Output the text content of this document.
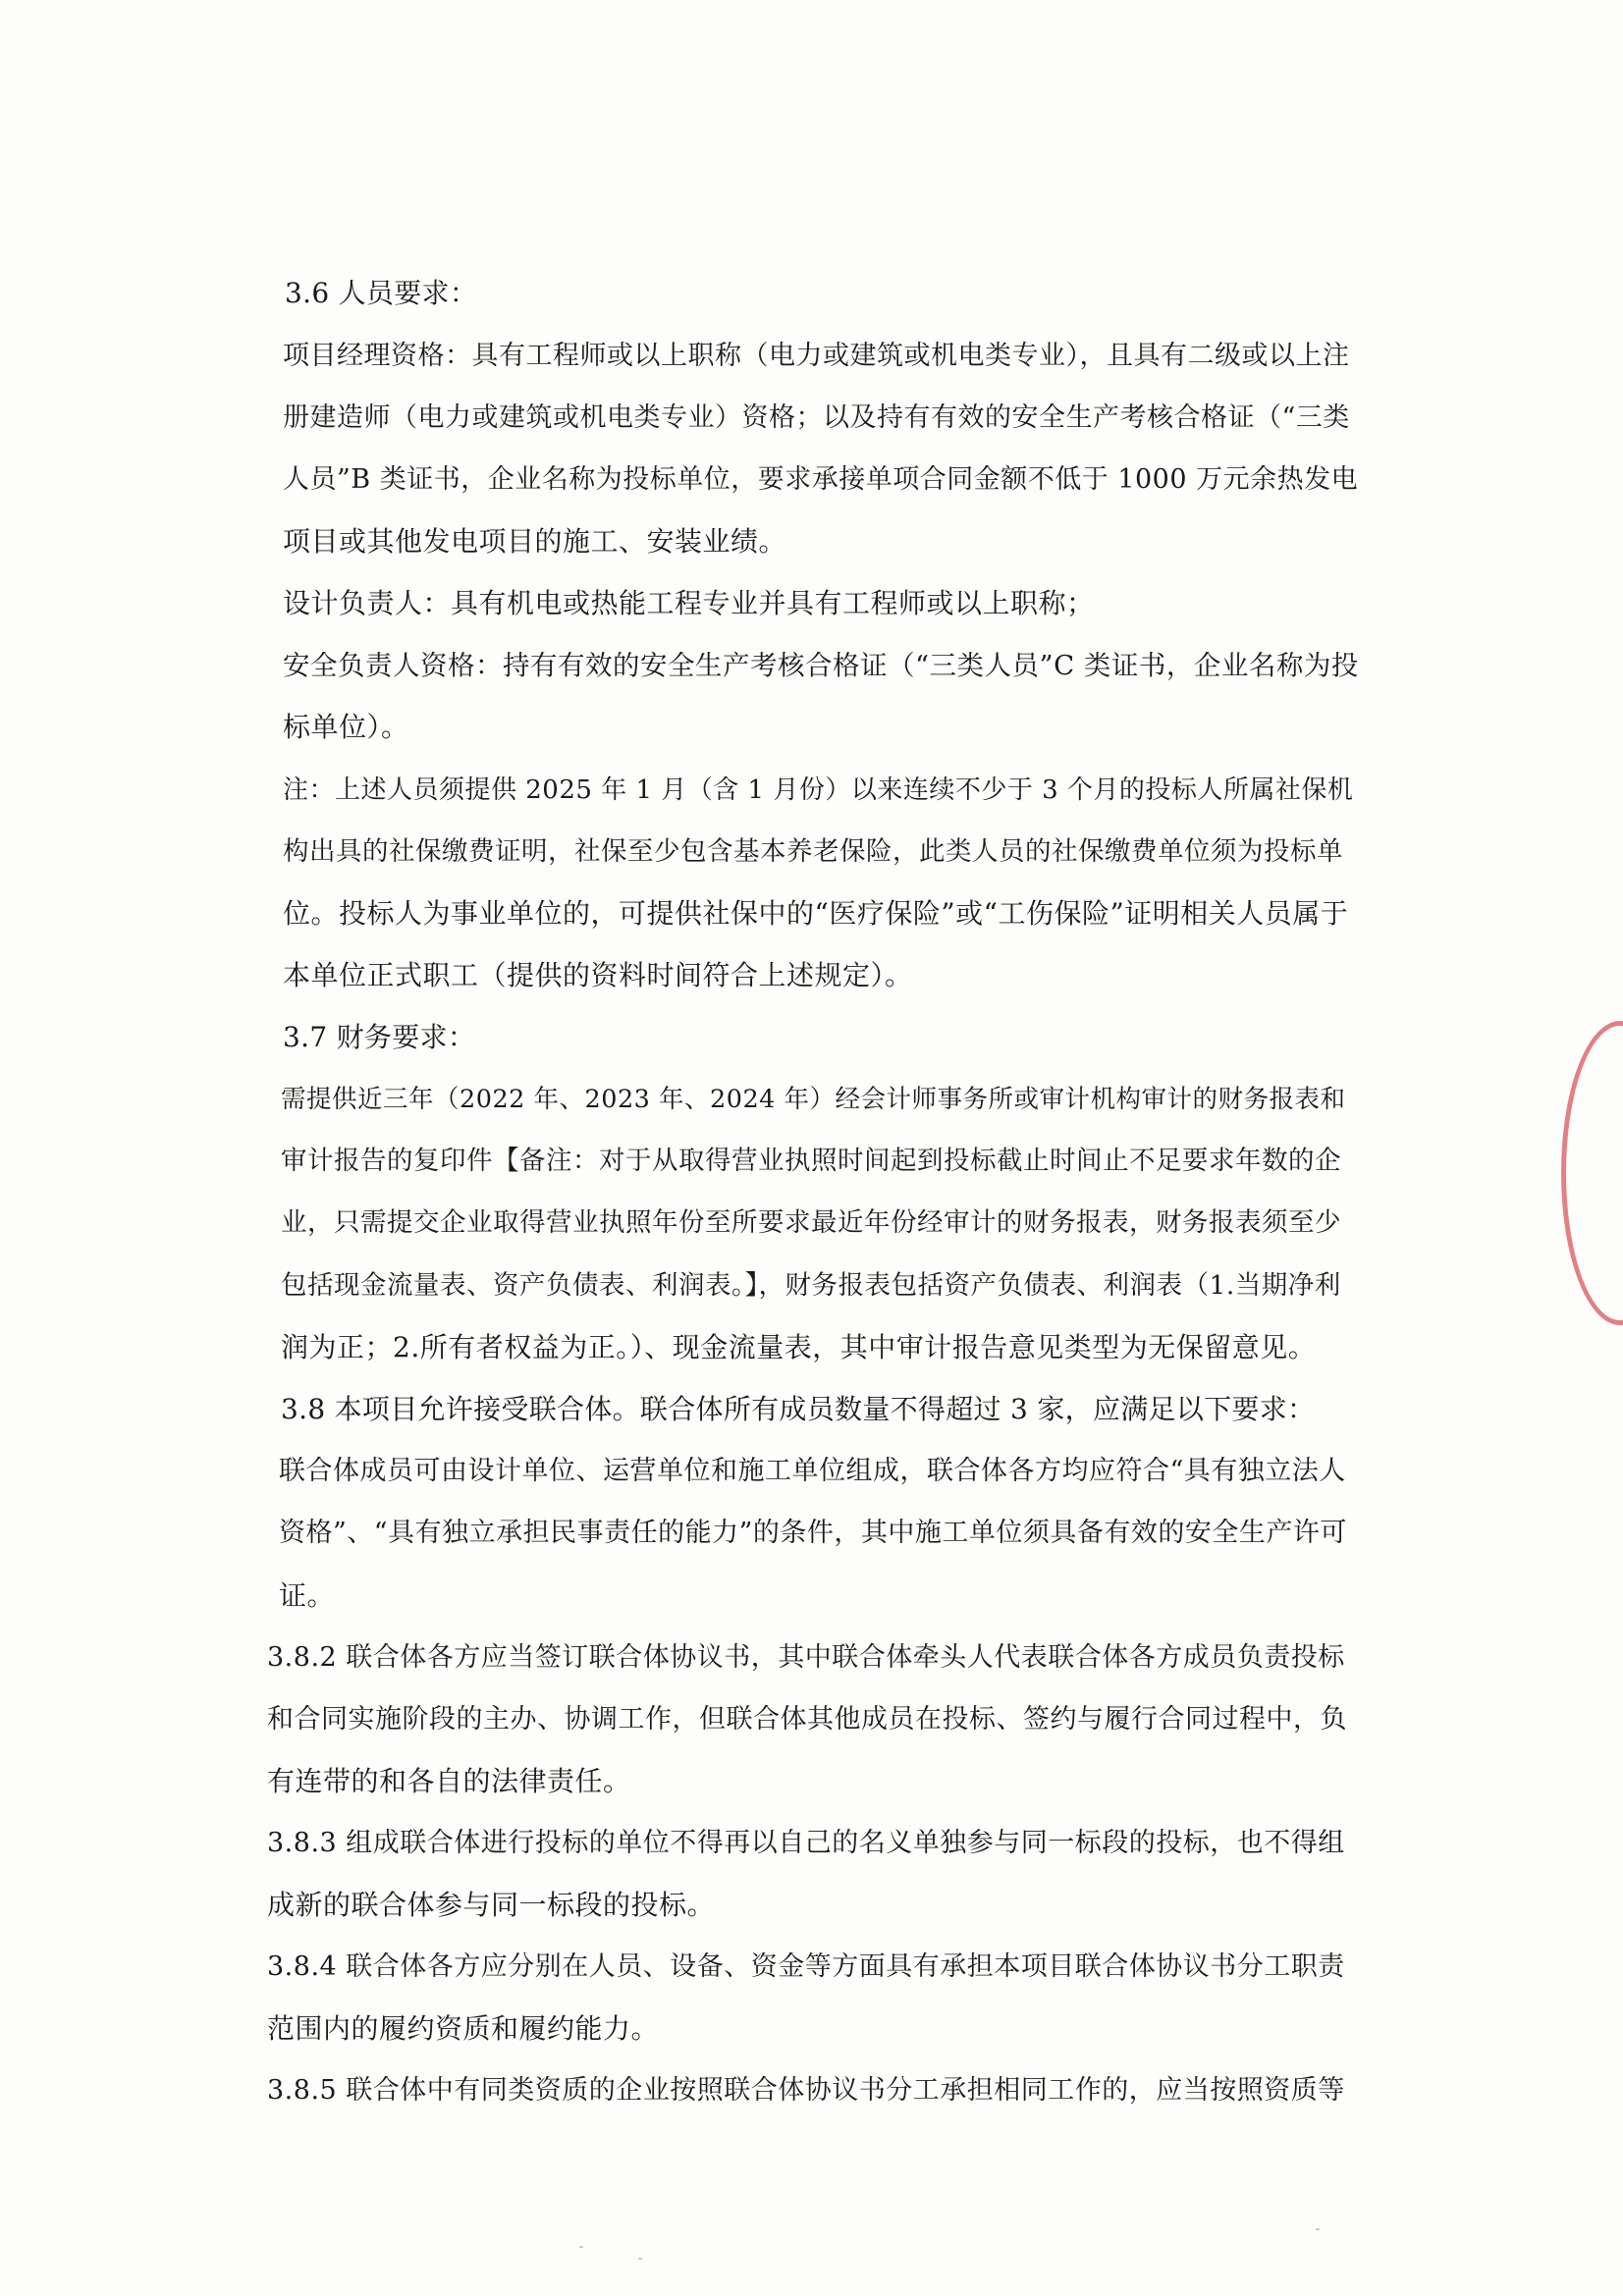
3.6 人员要求：
项目经理资格：具有工程师或以上职称（电力或建筑或机电类专业），且具有二级或以上注
册建造师（电力或建筑或机电类专业）资格；以及持有有效的安全生产考核合格证（“三类
人员”B 类证书，企业名称为投标单位，要求承接单项合同金额不低于 1000 万元余热发电
项目或其他发电项目的施工、安装业绩。
设计负责人：具有机电或热能工程专业并具有工程师或以上职称；
安全负责人资格：持有有效的安全生产考核合格证（“三类人员”C 类证书，企业名称为投
标单位）。
注：上述人员须提供 2025 年 1 月（含 1 月份）以来连续不少于 3 个月的投标人所属社保机
构出具的社保缴费证明，社保至少包含基本养老保险，此类人员的社保缴费单位须为投标单
位。投标人为事业单位的，可提供社保中的“医疗保险”或“工伤保险”证明相关人员属于
本单位正式职工（提供的资料时间符合上述规定）。
3.7 财务要求：
需提供近三年（2022 年、2023 年、2024 年）经会计师事务所或审计机构审计的财务报表和
审计报告的复印件【备注：对于从取得营业执照时间起到投标截止时间止不足要求年数的企
业，只需提交企业取得营业执照年份至所要求最近年份经审计的财务报表，财务报表须至少
包括现金流量表、资产负债表、利润表。】，财务报表包括资产负债表、利润表（1.当期净利
润为正；2.所有者权益为正。）、现金流量表，其中审计报告意见类型为无保留意见。
3.8 本项目允许接受联合体。联合体所有成员数量不得超过 3 家，应满足以下要求：
联合体成员可由设计单位、运营单位和施工单位组成，联合体各方均应符合“具有独立法人
资格”、“具有独立承担民事责任的能力”的条件，其中施工单位须具备有效的安全生产许可
证。
3.8.2 联合体各方应当签订联合体协议书，其中联合体牵头人代表联合体各方成员负责投标
和合同实施阶段的主办、协调工作，但联合体其他成员在投标、签约与履行合同过程中，负
有连带的和各自的法律责任。
3.8.3 组成联合体进行投标的单位不得再以自己的名义单独参与同一标段的投标，也不得组
成新的联合体参与同一标段的投标。
3.8.4 联合体各方应分别在人员、设备、资金等方面具有承担本项目联合体协议书分工职责
范围内的履约资质和履约能力。
3.8.5 联合体中有同类资质的企业按照联合体协议书分工承担相同工作的，应当按照资质等
